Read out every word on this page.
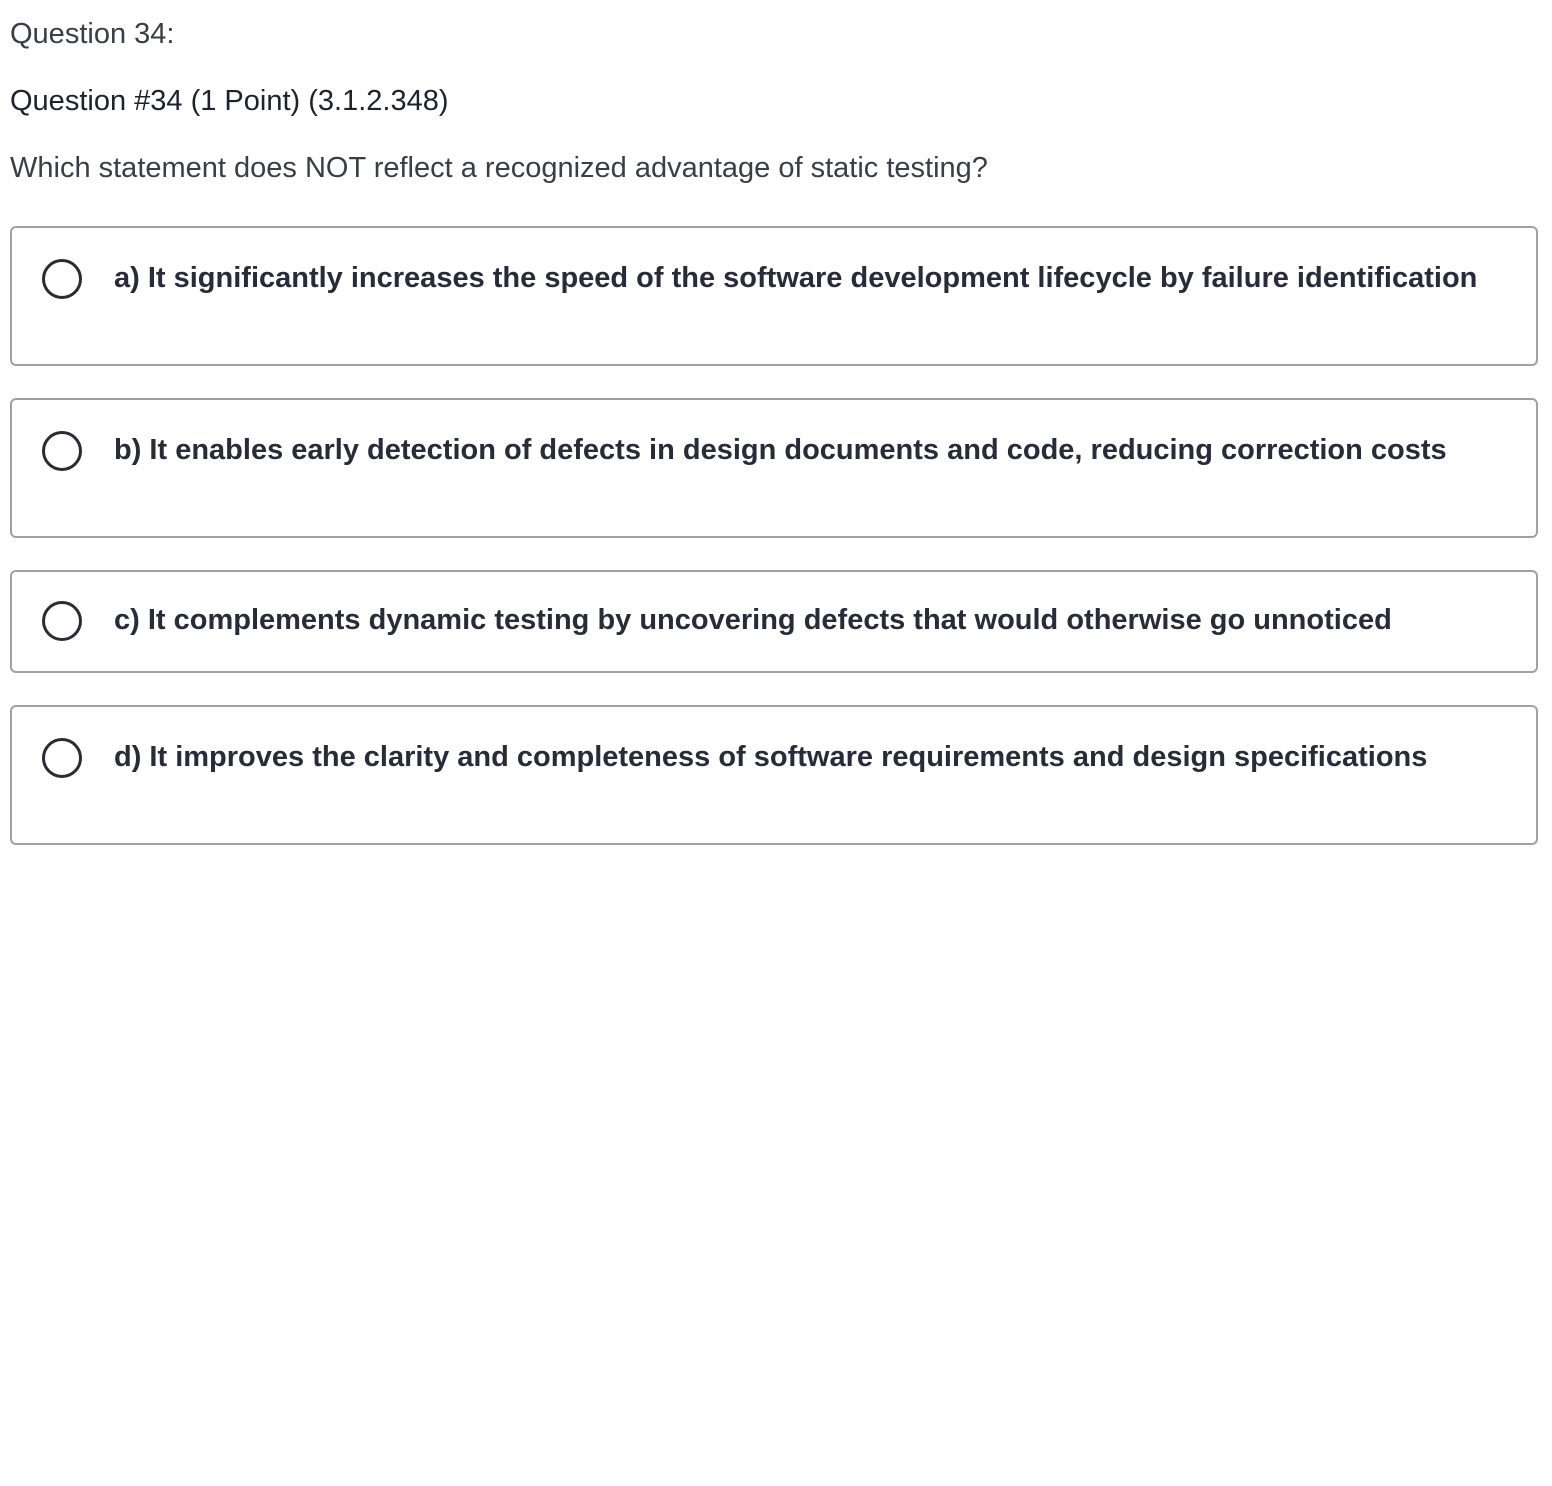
Question 34:
Question #34 (1 Point) (3.1.2.348)
Which statement does NOT reflect a recognized advantage of static testing?
a) It significantly increases the speed of the software development lifecycle by failure identification
b) It enables early detection of defects in design documents and code, reducing correction costs
c) It complements dynamic testing by uncovering defects that would otherwise go unnoticed
d) It improves the clarity and completeness of software requirements and design specifications
